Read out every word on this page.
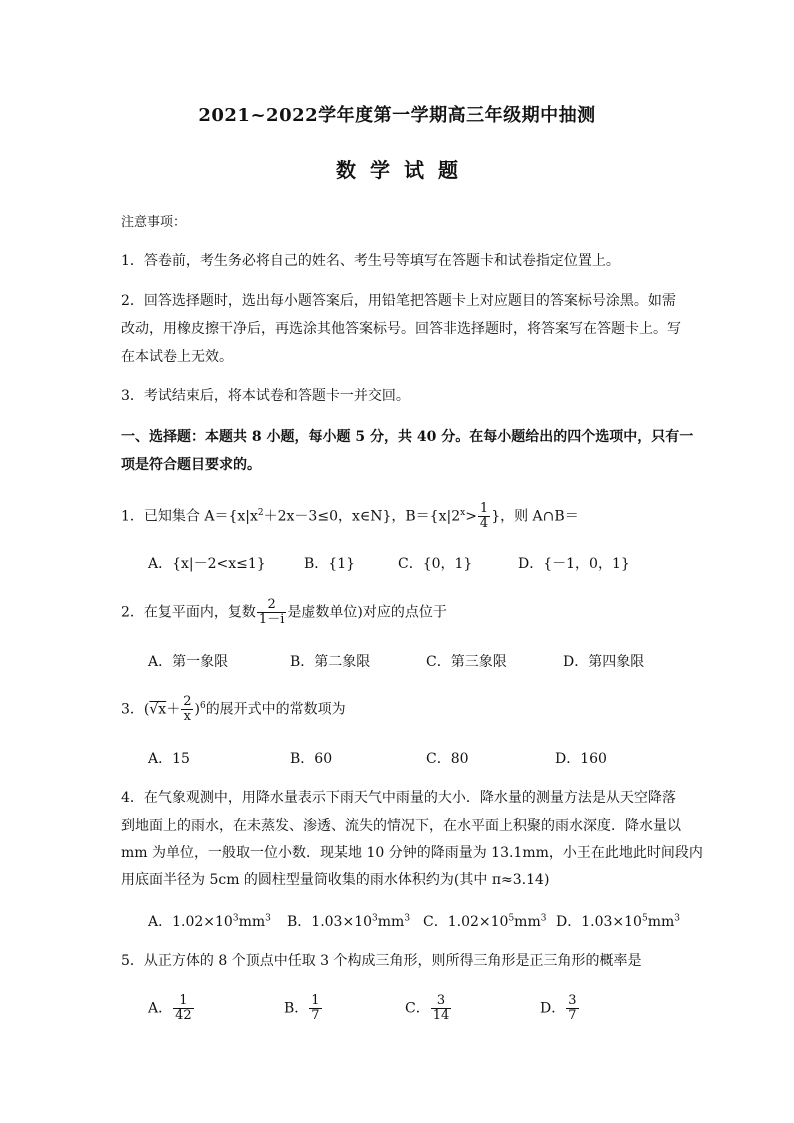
2021~2022学年度第一学期高三年级期中抽测
数学试题
注意事项：
1．答卷前，考生务必将自己的姓名、考生号等填写在答题卡和试卷指定位置上。
2．回答选择题时，选出每小题答案后，用铅笔把答题卡上对应题目的答案标号涂黑。如需
改动，用橡皮擦干净后，再选涂其他答案标号。回答非选择题时，将答案写在答题卡上。写
在本试卷上无效。
3．考试结束后，将本试卷和答题卡一并交回。
一、选择题：本题共 8 小题，每小题 5 分，共 40 分。在每小题给出的四个选项中，只有一
项是符合题目要求的。
1．已知集合 $A=\{x|x^2+2x-3\le 0$，x∈N}，$B=\{x|2^x> \frac{1}{4}$ }，则 A∩B＝
A．{x|－2<x≤1}	B．{1}	C．{0，1}	D．{－1，0，1}
2．在复平面内，复数 $\frac{2}{1-i}$ 是虚数单位)对应的点位于
A．第一象限	B．第二象限	C．第三象限	D．第四象限
3．$(√x+ \frac{2}{x} )^6$的展开式中的常数项为
A．15	B．60	C．80	D．160
4．在气象观测中，用降水量表示下雨天气中雨量的大小．降水量的测量方法是从天空降落
到地面上的雨水，在未蒸发、渗透、流失的情况下，在水平面上积聚的雨水深度．降水量以
mm 为单位，一般取一位小数．现某地 10 分钟的降雨量为 13.1mm，小王在此地此时间段内
用底面半径为 5cm 的圆柱型量筒收集的雨水体积约为(其中 π≈3.14)
A．$1.02\times 10^3mm^3$ B．$1.03\times 10^3mm^3$ C．$1.02\times 10^5mm^3$ D．$1.03\times 10^5mm^3$
5．从正方体的 8 个顶点中任取 3 个构成三角形，则所得三角形是正三角形的概率是
A． $\frac{1}{42}$	B． $\frac{1}{7}$	C． $\frac{3}{14}$	D． $\frac{3}{7}$
